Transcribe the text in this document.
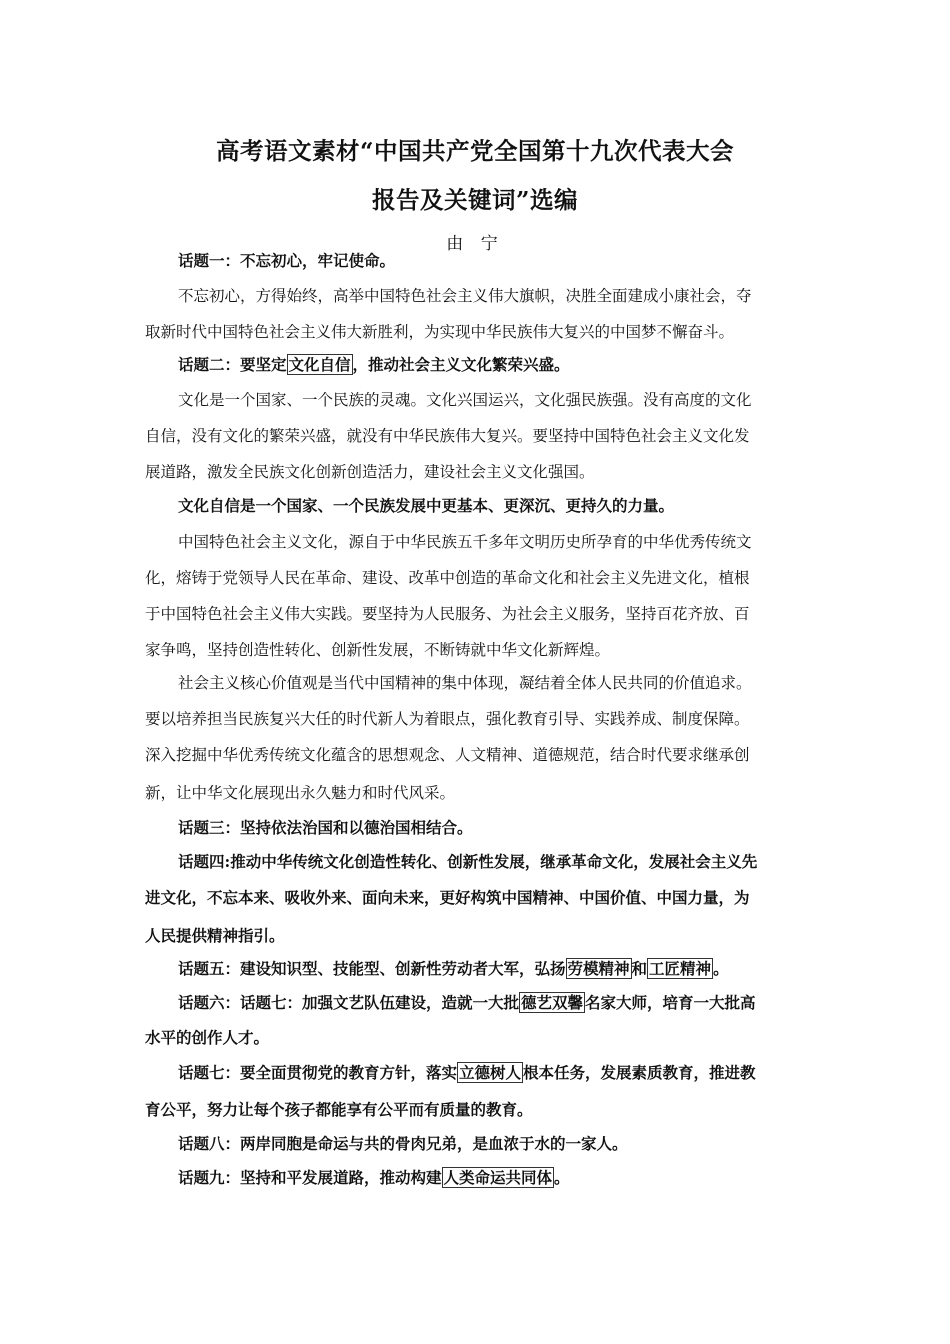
高考语文素材“中国共产党全国第十九次代表大会
报告及关键词”选编
由 宁
话题一：不忘初心，牢记使命。
不忘初心，方得始终，高举中国特色社会主义伟大旗帜，决胜全面建成小康社会，夺
取新时代中国特色社会主义伟大新胜利，为实现中华民族伟大复兴的中国梦不懈奋斗。
话题二：要坚定 文化自信 ，推动社会主义文化繁荣兴盛。
文化是一个国家、一个民族的灵魂。文化兴国运兴，文化强民族强。没有高度的文化
自信，没有文化的繁荣兴盛，就没有中华民族伟大复兴。要坚持中国特色社会主义文化发
展道路，激发全民族文化创新创造活力，建设社会主义文化强国。
文化自信是一个国家、一个民族发展中更基本、更深沉、更持久的力量。
中国特色社会主义文化，源自于中华民族五千多年文明历史所孕育的中华优秀传统文
化，熔铸于党领导人民在革命、建设、改革中创造的革命文化和社会主义先进文化，植根
于中国特色社会主义伟大实践。要坚持为人民服务、为社会主义服务，坚持百花齐放、百
家争鸣，坚持创造性转化、创新性发展，不断铸就中华文化新辉煌。
社会主义核心价值观是当代中国精神的集中体现，凝结着全体人民共同的价值追求。
要以培养担当民族复兴大任的时代新人为着眼点，强化教育引导、实践养成、制度保障。
深入挖掘中华优秀传统文化蕴含的思想观念、人文精神、道德规范，结合时代要求继承创
新，让中华文化展现出永久魅力和时代风采。
话题三：坚持依法治国和以德治国相结合。
话题四:推动中华传统文化创造性转化、创新性发展，继承革命文化，发展社会主义先
进文化，不忘本来、吸收外来、面向未来，更好构筑中国精神、中国价值、中国力量，为
人民提供精神指引。
话题五：建设知识型、技能型、创新性劳动者大军，弘扬 劳模精神 和 工匠精神 。
话题六：话题七：加强文艺队伍建设，造就一大批 德艺双馨 名家大师，培育一大批高
水平的创作人才。
话题七：要全面贯彻党的教育方针，落实 立德树人 根本任务，发展素质教育，推进教
育公平，努力让每个孩子都能享有公平而有质量的教育。
话题八：两岸同胞是命运与共的骨肉兄弟，是血浓于水的一家人。
话题九：坚持和平发展道路，推动构建 人类命运共同体 。
